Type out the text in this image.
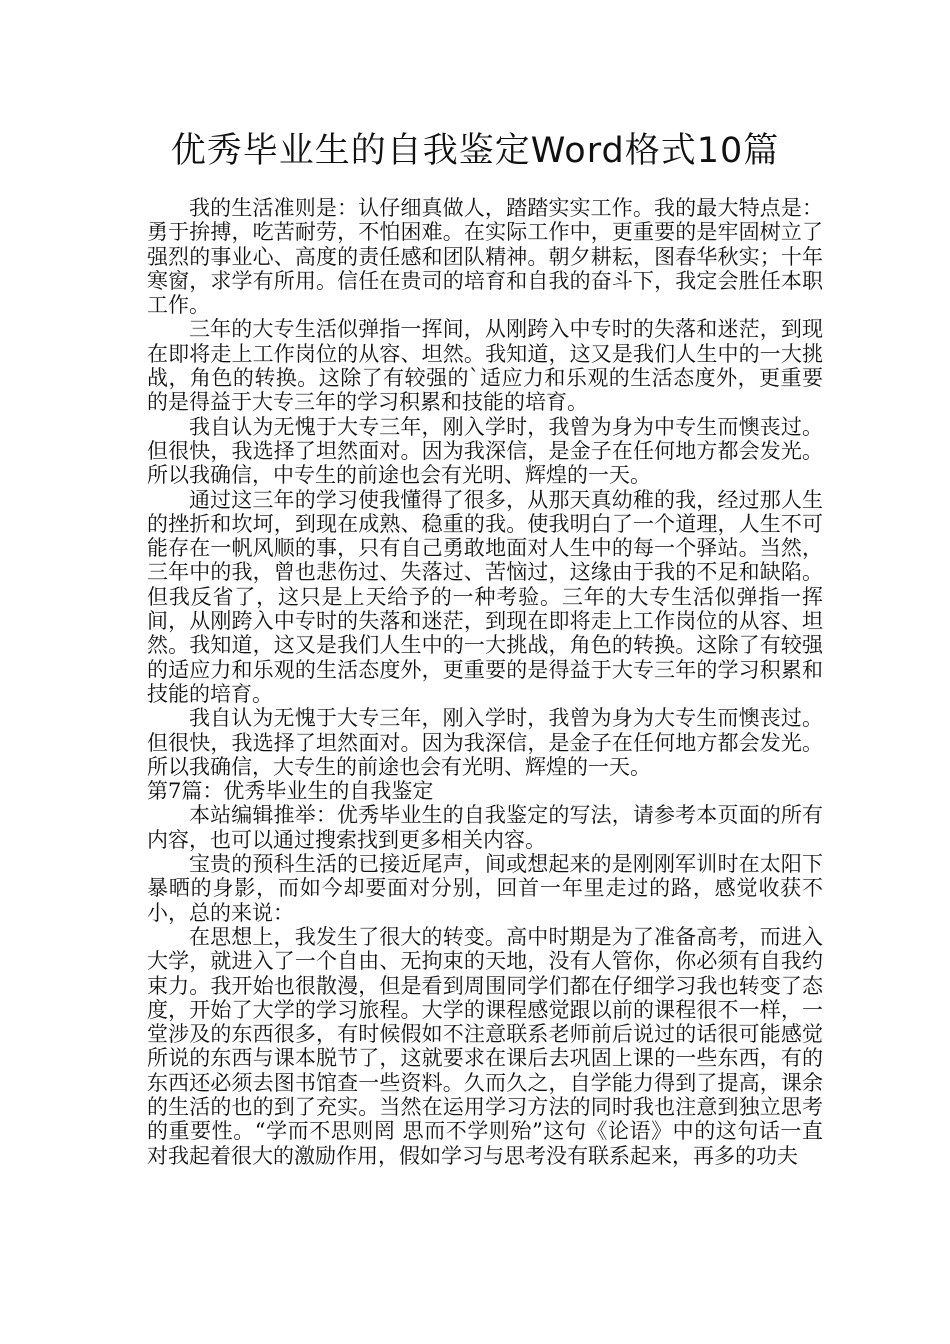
优秀毕业生的自我鉴定Word格式10篇

我的生活准则是：认仔细真做人，踏踏实实工作。我的最大特点是：勇于拚搏，吃苦耐劳，不怕困难。在实际工作中，更重要的是牢固树立了强烈的事业心、高度的责任感和团队精神。朝夕耕耘，图春华秋实；十年寒窗，求学有所用。信任在贵司的培育和自我的奋斗下，我定会胜任本职工作。

三年的大专生活似弹指一挥间，从刚跨入中专时的失落和迷茫，到现在即将走上工作岗位的从容、坦然。我知道，这又是我们人生中的一大挑战，角色的转换。这除了有较强的`适应力和乐观的生活态度外，更重要的是得益于大专三年的学习积累和技能的培育。

我自认为无愧于大专三年，刚入学时，我曾为身为中专生而懊丧过。但很快，我选择了坦然面对。因为我深信，是金子在任何地方都会发光。所以我确信，中专生的前途也会有光明、辉煌的一天。

通过这三年的学习使我懂得了很多，从那天真幼稚的我，经过那人生的挫折和坎坷，到现在成熟、稳重的我。使我明白了一个道理，人生不可能存在一帆风顺的事，只有自己勇敢地面对人生中的每一个驿站。当然，三年中的我，曾也悲伤过、失落过、苦恼过，这缘由于我的不足和缺陷。但我反省了，这只是上天给予的一种考验。三年的大专生活似弹指一挥间，从刚跨入中专时的失落和迷茫，到现在即将走上工作岗位的从容、坦然。我知道，这又是我们人生中的一大挑战，角色的转换。这除了有较强的适应力和乐观的生活态度外，更重要的是得益于大专三年的学习积累和技能的培育。

我自认为无愧于大专三年，刚入学时，我曾为身为大专生而懊丧过。但很快，我选择了坦然面对。因为我深信，是金子在任何地方都会发光。所以我确信，大专生的前途也会有光明、辉煌的一天。

第7篇：优秀毕业生的自我鉴定

本站编辑推举：优秀毕业生的自我鉴定的写法，请参考本页面的所有内容，也可以通过搜索找到更多相关内容。

宝贵的预科生活的已接近尾声，间或想起来的是刚刚军训时在太阳下暴晒的身影，而如今却要面对分别，回首一年里走过的路，感觉收获不小，总的来说：

在思想上，我发生了很大的转变。高中时期是为了准备高考，而进入大学，就进入了一个自由、无拘束的天地，没有人管你，你必须有自我约束力。我开始也很散漫，但是看到周围同学们都在仔细学习我也转变了态度，开始了大学的学习旅程。大学的课程感觉跟以前的课程很不一样，一堂涉及的东西很多，有时候假如不注意联系老师前后说过的话很可能感觉所说的东西与课本脱节了，这就要求在课后去巩固上课的一些东西，有的东西还必须去图书馆查一些资料。久而久之，自学能力得到了提高，课余的生活的也的到了充实。当然在运用学习方法的同时我也注意到独立思考的重要性。“学而不思则罔 思而不学则殆”这句《论语》中的这句话一直对我起着很大的激励作用，假如学习与思考没有联系起来，再多的功夫
